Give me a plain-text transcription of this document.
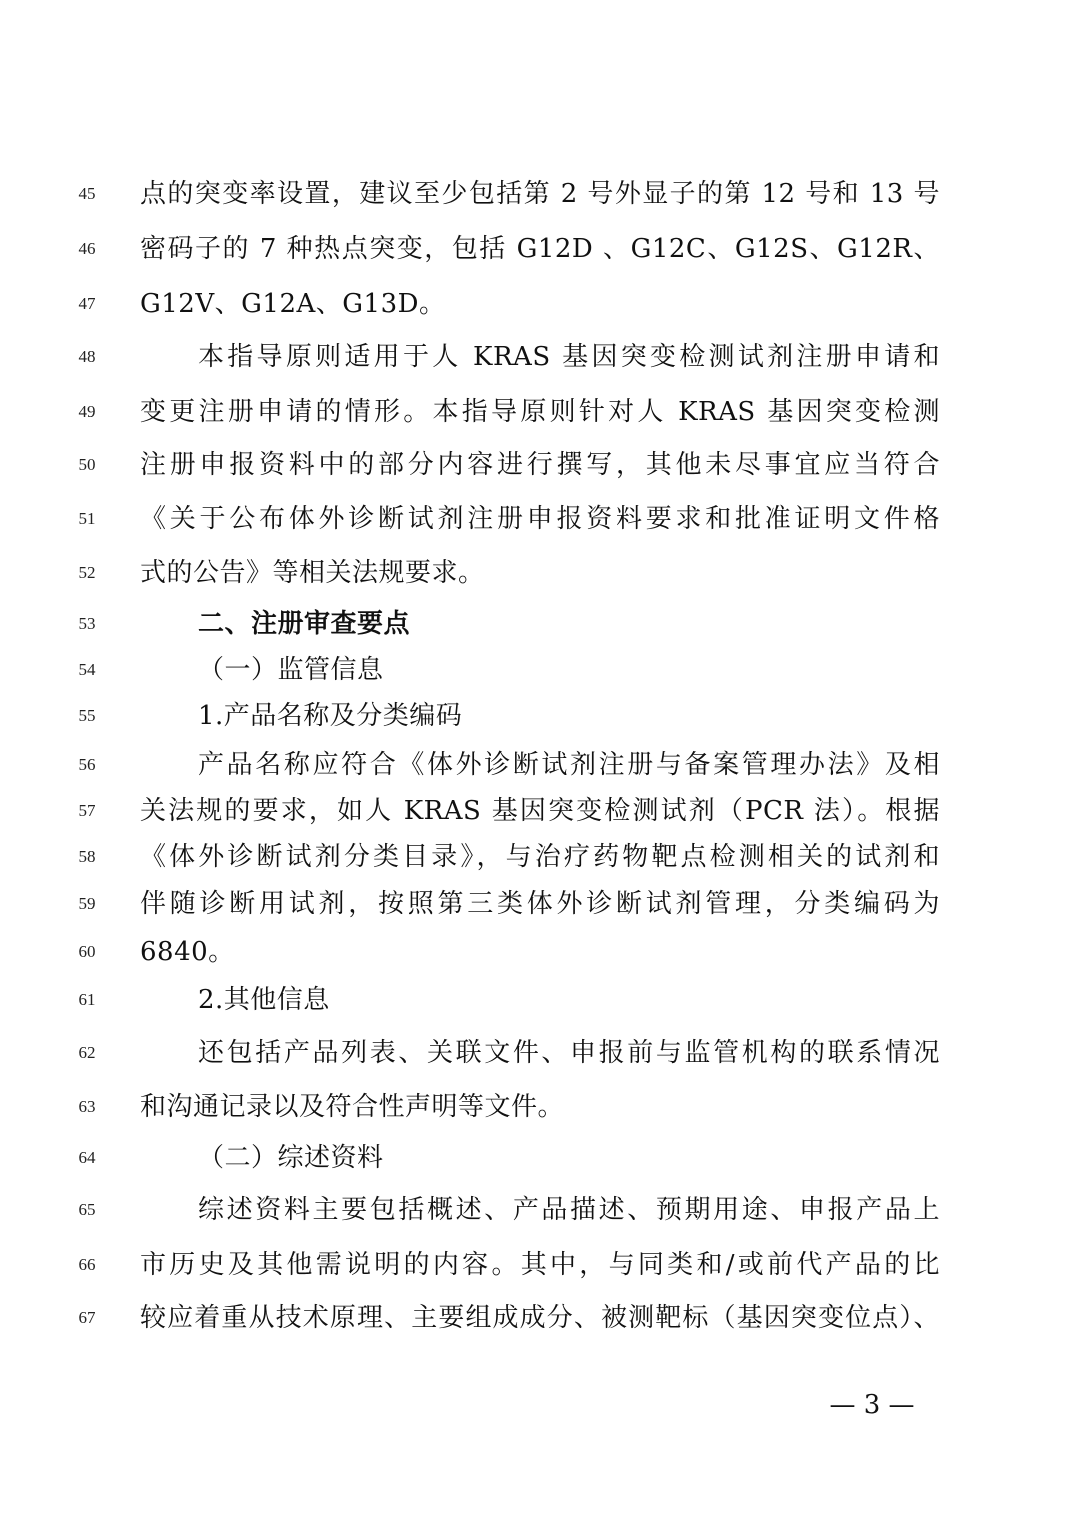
45	点的突变率设置，建议至少包括第 2 号外显子的第 12 号和 13 号
46	密码子的 7 种热点突变，包括 G12D 、G12C、G12S、G12R、
47	G12V、G12A、G13D。
48	本指导原则适用于人 KRAS 基因突变检测试剂注册申请和
49	变更注册申请的情形。本指导原则针对人 KRAS 基因突变检测
50	注册申报资料中的部分内容进行撰写，其他未尽事宜应当符合
51	《关于公布体外诊断试剂注册申报资料要求和批准证明文件格
52	式的公告》等相关法规要求。
53	二、注册审查要点
54	（一）监管信息
55	1.产品名称及分类编码
56	产品名称应符合《体外诊断试剂注册与备案管理办法》及相
57	关法规的要求，如人 KRAS 基因突变检测试剂（PCR 法）。根据
58	《体外诊断试剂分类目录》，与治疗药物靶点检测相关的试剂和
59	伴随诊断用试剂，按照第三类体外诊断试剂管理，分类编码为
60	6840。
61	2.其他信息
62	还包括产品列表、关联文件、申报前与监管机构的联系情况
63	和沟通记录以及符合性声明等文件。
64	（二）综述资料
65	综述资料主要包括概述、产品描述、预期用途、申报产品上
66	市历史及其他需说明的内容。其中，与同类和/或前代产品的比
67	较应着重从技术原理、主要组成成分、被测靶标（基因突变位点）、
— 3 —
